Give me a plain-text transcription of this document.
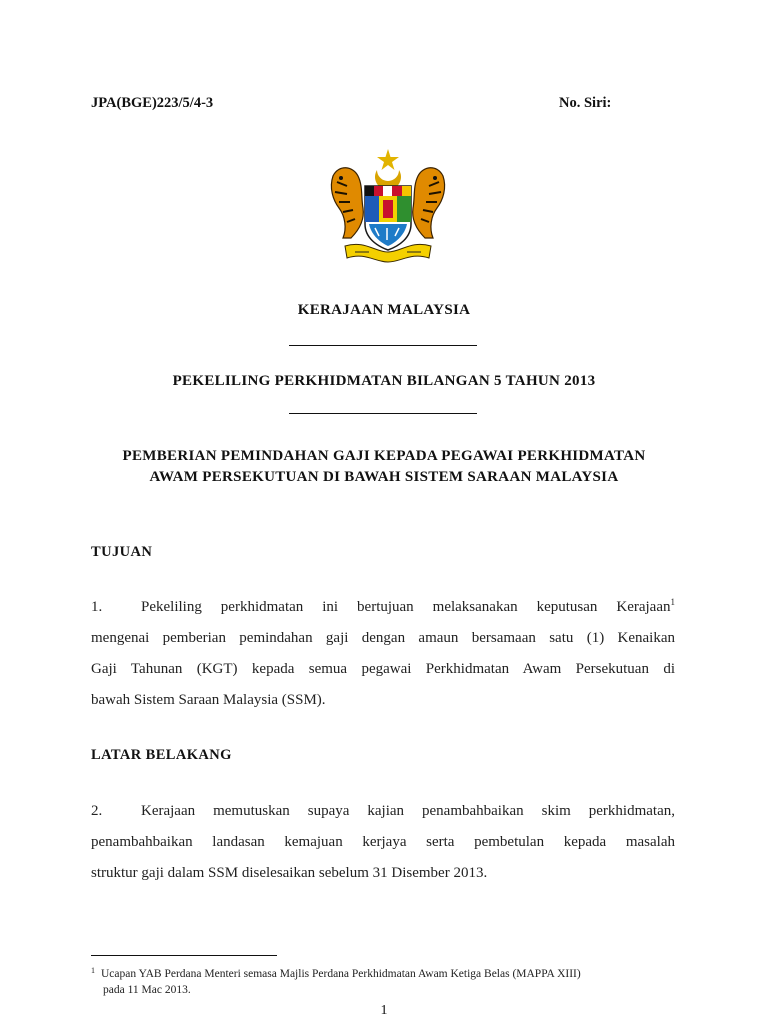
JPA(BGE)223/5/4-3	No. Siri:
KERAJAAN MALAYSIA
PEKELILING PERKHIDMATAN BILANGAN 5 TAHUN 2013
PEMBERIAN PEMINDAHAN GAJI KEPADA PEGAWAI PERKHIDMATAN
AWAM PERSEKUTUAN DI BAWAH SISTEM SARAAN MALAYSIA
TUJUAN
1.	Pekeliling perkhidmatan ini bertujuan melaksanakan keputusan Kerajaan$^1$
mengenai pemberian pemindahan gaji dengan amaun bersamaan satu (1) Kenaikan
Gaji Tahunan (KGT) kepada semua pegawai Perkhidmatan Awam Persekutuan di
bawah Sistem Saraan Malaysia (SSM).
LATAR BELAKANG
2.	Kerajaan memutuskan supaya kajian penambahbaikan skim perkhidmatan,
penambahbaikan landasan kemajuan kerjaya serta pembetulan kepada masalah
struktur gaji dalam SSM diselesaikan sebelum 31 Disember 2013.
$^1$ Ucapan YAB Perdana Menteri semasa Majlis Perdana Perkhidmatan Awam Ketiga Belas (MAPPA XIII)
pada 11 Mac 2013.
1
